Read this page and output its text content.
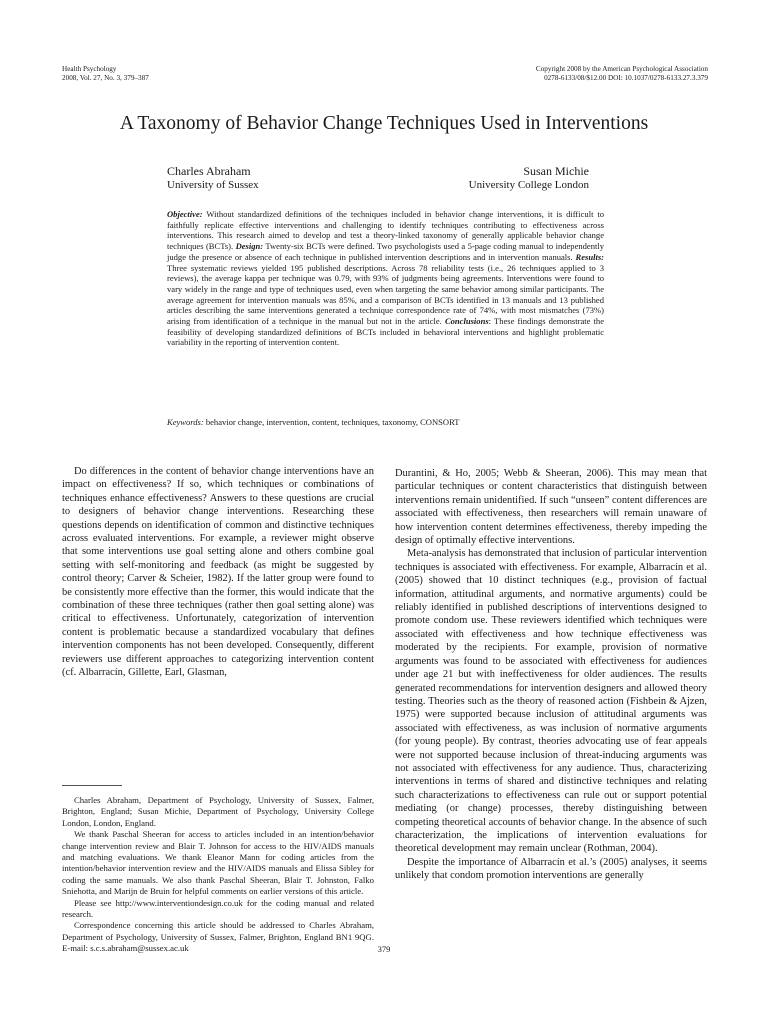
Health Psychology
2008, Vol. 27, No. 3, 379–387
Copyright 2008 by the American Psychological Association
0278-6133/08/$12.00 DOI: 10.1037/0278-6133.27.3.379
A Taxonomy of Behavior Change Techniques Used in Interventions
Charles Abraham
University of Sussex
Susan Michie
University College London

Objective: Without standardized definitions of the techniques included in behavior change interventions, it is difficult to faithfully replicate effective interventions and challenging to identify techniques contributing to effectiveness across interventions. This research aimed to develop and test a theory-linked taxonomy of generally applicable behavior change techniques (BCTs). Design: Twenty-six BCTs were defined. Two psychologists used a 5-page coding manual to independently judge the presence or absence of each technique in published intervention descriptions and in intervention manuals. Results: Three systematic reviews yielded 195 published descriptions. Across 78 reliability tests (i.e., 26 techniques applied to 3 reviews), the average kappa per technique was 0.79, with 93% of judgments being agreements. Interventions were found to vary widely in the range and type of techniques used, even when targeting the same behavior among similar participants. The average agreement for intervention manuals was 85%, and a comparison of BCTs identified in 13 manuals and 13 published articles describing the same interventions generated a technique correspondence rate of 74%, with most mismatches (73%) arising from identification of a technique in the manual but not in the article. Conclusions: These findings demonstrate the feasibility of developing standardized definitions of BCTs included in behavioral interventions and highlight problematic variability in the reporting of intervention content.

Keywords: behavior change, intervention, content, techniques, taxonomy, CONSORT

Do differences in the content of behavior change interventions have an impact on effectiveness? If so, which techniques or combinations of techniques enhance effectiveness? Answers to these questions are crucial to designers of behavior change interventions. Researching these questions depends on identification of common and distinctive techniques across evaluated interventions. For example, a reviewer might observe that some interventions use goal setting alone and others combine goal setting with self-monitoring and feedback (as might be suggested by control theory; Carver & Scheier, 1982). If the latter group were found to be consistently more effective than the former, this would indicate that the combination of these three techniques (rather then goal setting alone) was critical to effectiveness. Unfortunately, categorization of intervention content is problematic because a standardized vocabulary that defines intervention components has not been developed. Consequently, different reviewers use different approaches to categorizing intervention content (cf. Albarracín, Gillette, Earl, Glasman,

Charles Abraham, Department of Psychology, University of Sussex, Falmer, Brighton, England; Susan Michie, Department of Psychology, University College London, London, England.

We thank Paschal Sheeran for access to articles included in an intention/behavior change intervention review and Blair T. Johnson for access to the HIV/AIDS manuals and matching evaluations. We thank Eleanor Mann for coding articles from the intention/behavior intervention review and the HIV/AIDS manuals and Elissa Sibley for coding the same manuals. We also thank Paschal Sheeran, Blair T. Johnston, Falko Sniehotta, and Marijn de Bruin for helpful comments on earlier versions of this article.

Please see http://www.interventiondesign.co.uk for the coding manual and related research.

Correspondence concerning this article should be addressed to Charles Abraham, Department of Psychology, University of Sussex, Falmer, Brighton, England BN1 9QG. E-mail: s.c.s.abraham@sussex.ac.uk

Durantini, & Ho, 2005; Webb & Sheeran, 2006). This may mean that particular techniques or content characteristics that distinguish between interventions remain unidentified. If such “unseen” content differences are associated with effectiveness, then researchers will remain unaware of how intervention content determines effectiveness, thereby impeding the design of optimally effective interventions.

Meta-analysis has demonstrated that inclusion of particular intervention techniques is associated with effectiveness. For example, Albarracín et al. (2005) showed that 10 distinct techniques (e.g., provision of factual information, attitudinal arguments, and normative arguments) could be reliably identified in published descriptions of interventions designed to promote condom use. These reviewers identified which techniques were associated with effectiveness and how technique effectiveness was moderated by the recipients. For example, provision of normative arguments was found to be associated with effectiveness for audiences under age 21 but with ineffectiveness for older audiences. The results generated recommendations for intervention designers and allowed theory testing. Theories such as the theory of reasoned action (Fishbein & Ajzen, 1975) were supported because inclusion of attitudinal arguments was associated with effectiveness, as was inclusion of normative arguments (for young people). By contrast, theories advocating use of fear appeals were not supported because inclusion of threat-inducing arguments was not associated with effectiveness for any audience. Thus, characterizing interventions in terms of shared and distinctive techniques and relating such characterizations to effectiveness can rule out or support potential mediating (or change) processes, thereby distinguishing between competing theoretical accounts of behavior change. In the absence of such characterization, the implications of intervention evaluations for theoretical development may remain unclear (Rothman, 2004).

Despite the importance of Albarracín et al.’s (2005) analyses, it seems unlikely that condom promotion interventions are generally

379
